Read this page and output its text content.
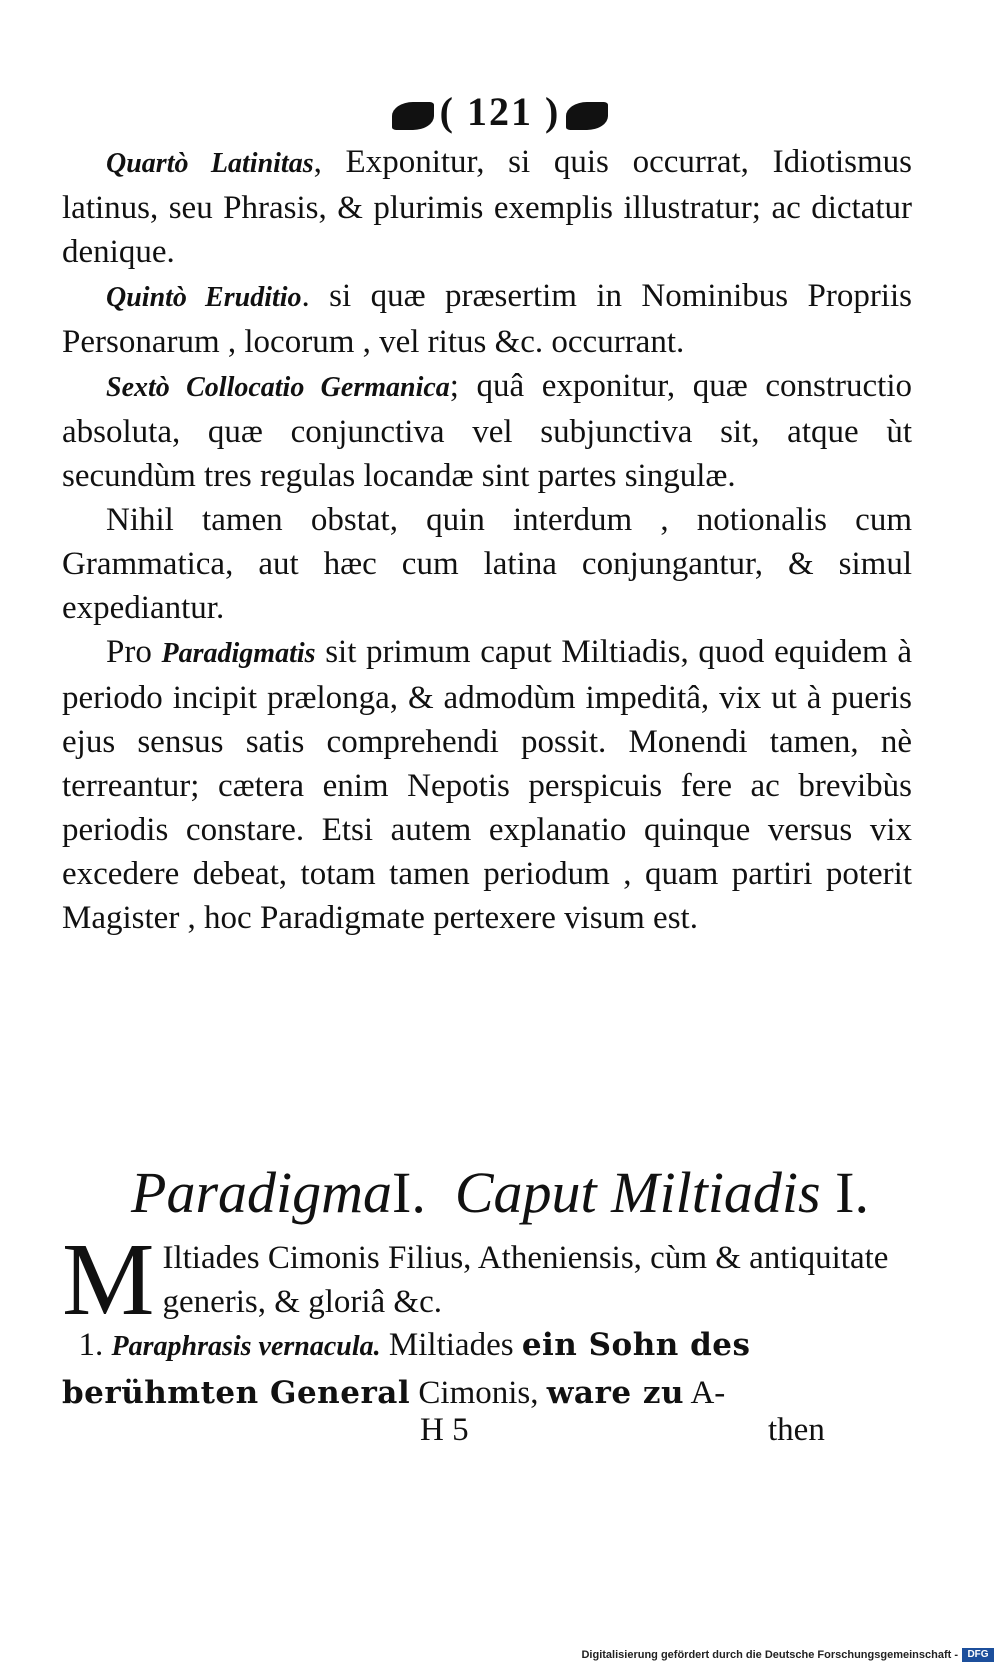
( 121 )

Quartò Latinitas, Exponitur, si quis occurrat, Idiotismus latinus, seu Phrasis, & plurimis exemplis illustratur; ac dictatur denique.

Quintò Eruditio. si quæ præsertim in Nominibus Propriis Personarum , locorum , vel ritus &c. occurrant.

Sextò Collocatio Germanica; quâ exponitur, quæ constructio absoluta, quæ conjunctiva vel subjunctiva sit, atque ùt secundùm tres regulas locandæ sint partes singulæ.

Nihil tamen obstat, quin interdum , notionalis cum Grammatica, aut hæc cum latina conjungantur, & simul expediantur.

Pro Paradigmatis sit primum caput Miltiadis, quod equidem à periodo incipit prælonga, & admodùm impeditâ, vix ut à pueris ejus sensus satis comprehendi possit. Monendi tamen, nè terreantur; cætera enim Nepotis perspicuis fere ac brevibùs periodis constare. Etsi autem explanatio quinque versus vix excedere debeat, totam tamen periodum , quam partiri poterit Magister , hoc Paradigmate pertexere visum est.

ParadigmaI. Caput Miltiadis I.
M Iltiades Cimonis Filius, Atheniensis, cùm & antiquitate generis, & gloriâ &c.
1. Paraphrasis vernacula. Miltiades ein Sohn des berühmten General Cimonis, ware zu A-
H 5	then
Digitalisierung gefördert durch die Deutsche Forschungsgemeinschaft - DFG
